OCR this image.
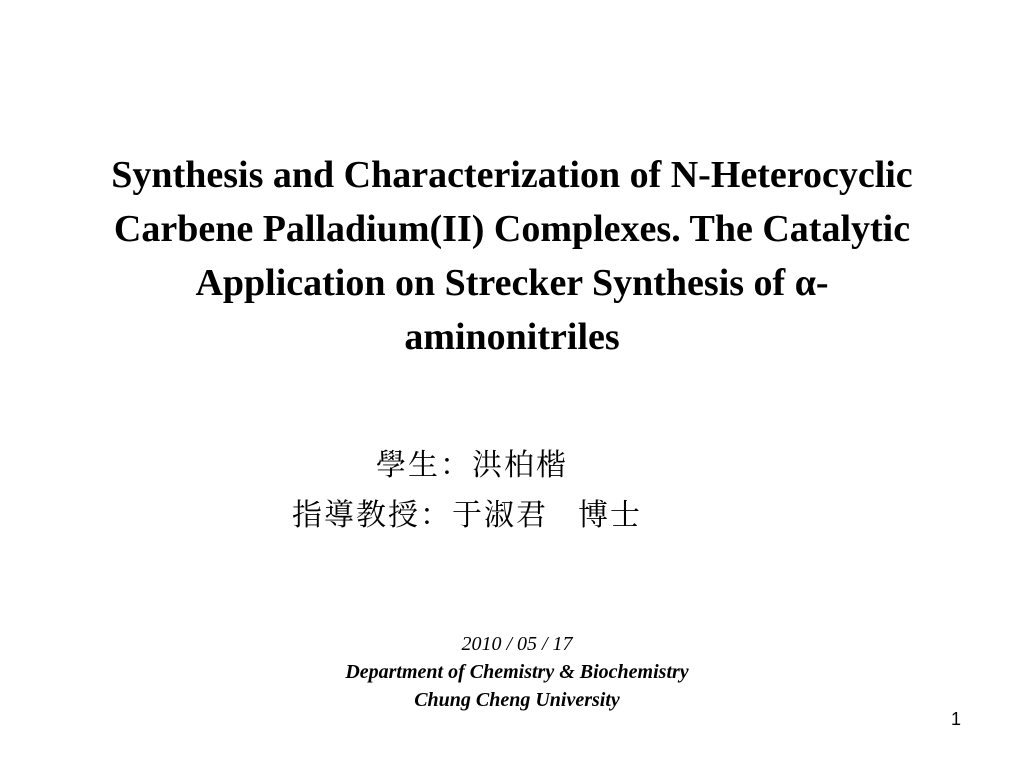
Synthesis and Characterization of N-Heterocyclic
Carbene Palladium(II) Complexes. The Catalytic
Application on Strecker Synthesis of α-
aminonitriles
學生：洪柏楷
指導教授：于淑君 博士
2010 / 05 / 17
Department of Chemistry & Biochemistry
Chung Cheng University
1
